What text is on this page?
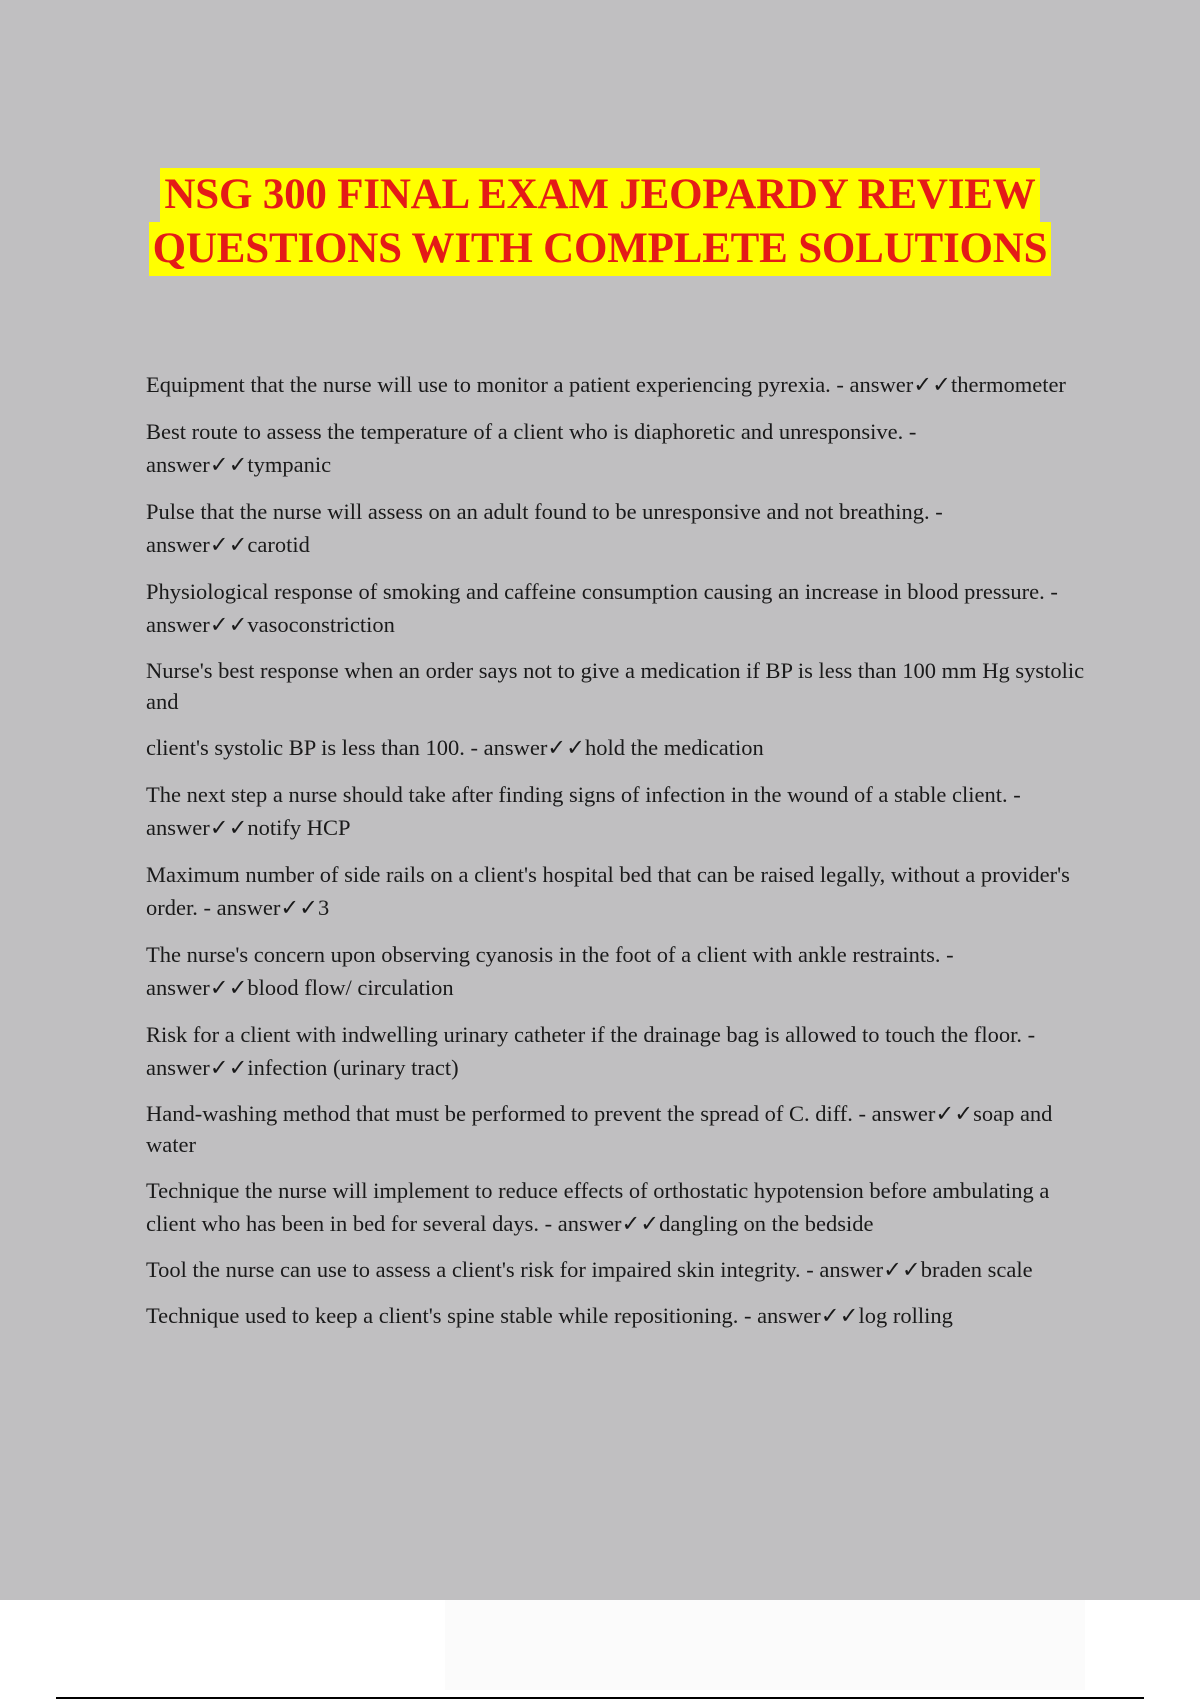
NSG 300 FINAL EXAM JEOPARDY REVIEW
QUESTIONS WITH COMPLETE SOLUTIONS

Equipment that the nurse will use to monitor a patient experiencing pyrexia. - answer✓✓thermometer

Best route to assess the temperature of a client who is diaphoretic and unresponsive. - answer✓✓tympanic

Pulse that the nurse will assess on an adult found to be unresponsive and not breathing. - answer✓✓carotid

Physiological response of smoking and caffeine consumption causing an increase in blood pressure. - answer✓✓vasoconstriction

Nurse's best response when an order says not to give a medication if BP is less than 100 mm Hg systolic and

client's systolic BP is less than 100. - answer✓✓hold the medication

The next step a nurse should take after finding signs of infection in the wound of a stable client. - answer✓✓notify HCP

Maximum number of side rails on a client's hospital bed that can be raised legally, without a provider's order. - answer✓✓3

The nurse's concern upon observing cyanosis in the foot of a client with ankle restraints. - answer✓✓blood flow/ circulation

Risk for a client with indwelling urinary catheter if the drainage bag is allowed to touch the floor. - answer✓✓infection (urinary tract)

Hand-washing method that must be performed to prevent the spread of C. diff. - answer✓✓soap and water

Technique the nurse will implement to reduce effects of orthostatic hypotension before ambulating a client who has been in bed for several days. - answer✓✓dangling on the bedside

Tool the nurse can use to assess a client's risk for impaired skin integrity. - answer✓✓braden scale

Technique used to keep a client's spine stable while repositioning. - answer✓✓log rolling
